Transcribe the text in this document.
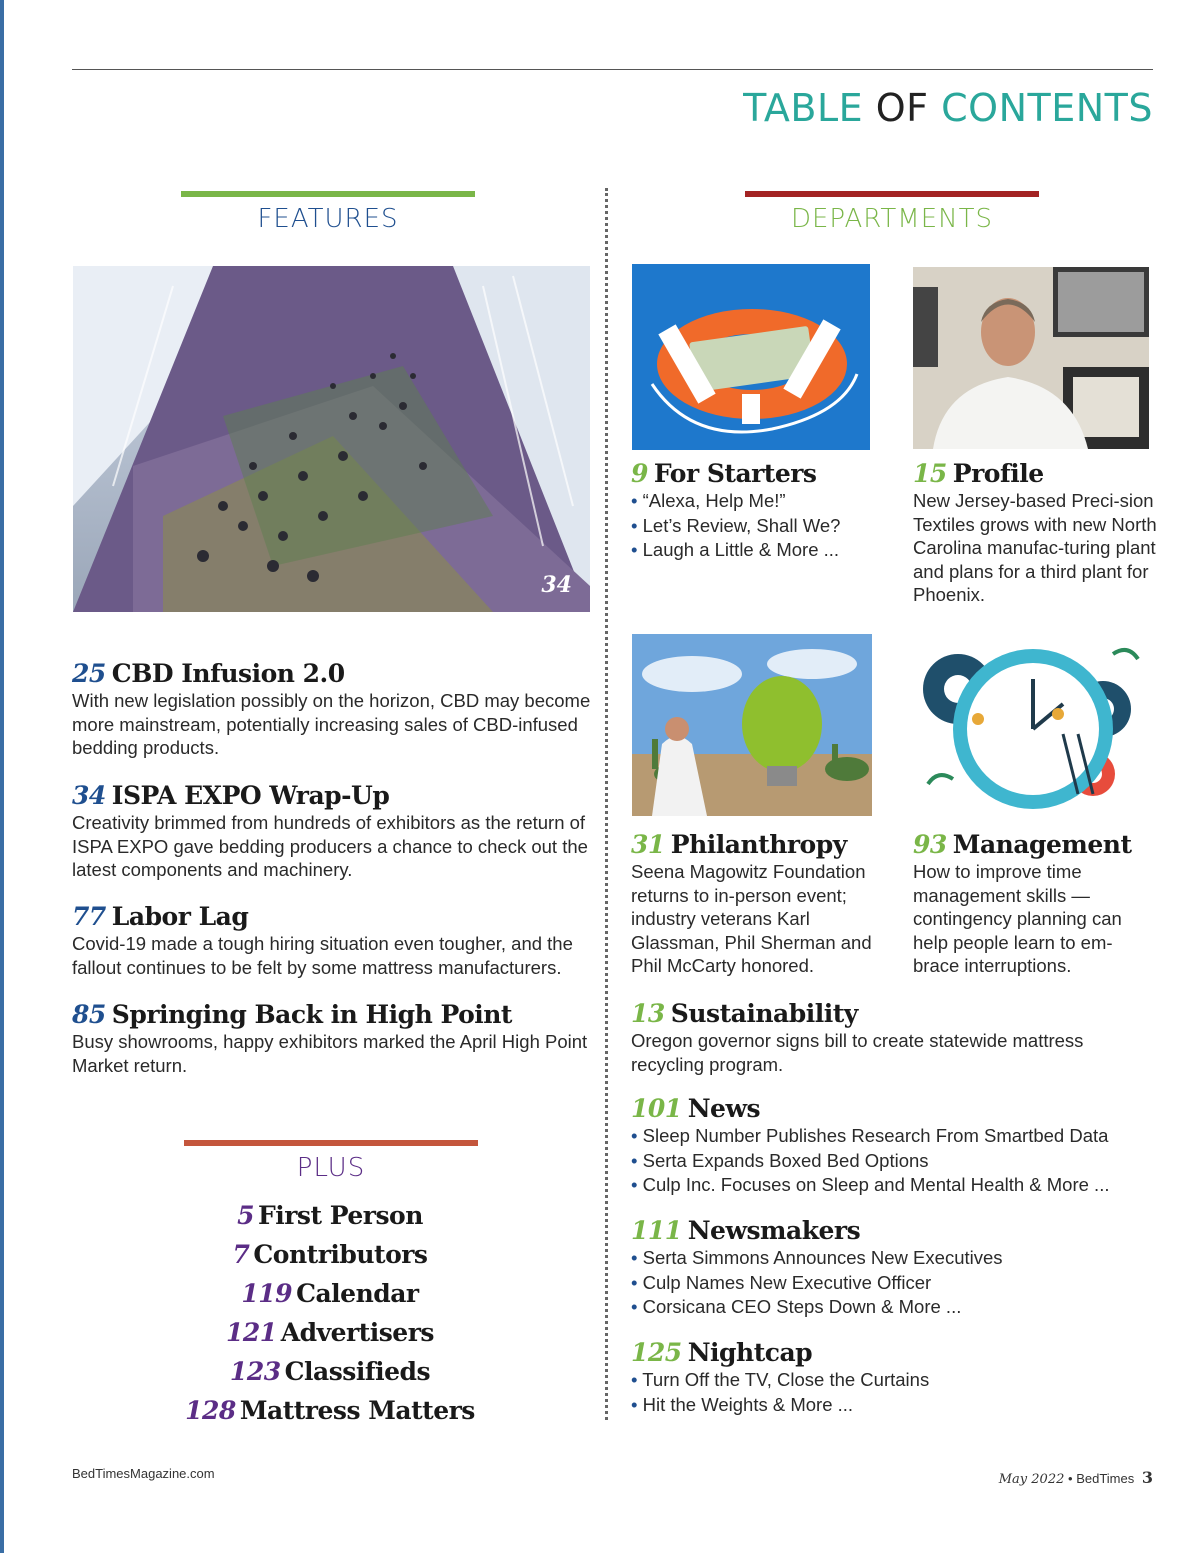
TABLE OF CONTENTS
FEATURES
34
25 CBD Infusion 2.0
With new legislation possibly on the horizon, CBD may become more mainstream, potentially increasing sales of CBD-infused bedding products.
34 ISPA EXPO Wrap-Up
Creativity brimmed from hundreds of exhibitors as the return of ISPA EXPO gave bedding producers a chance to check out the latest components and machinery.
77 Labor Lag
Covid-19 made a tough hiring situation even tougher, and the fallout continues to be felt by some mattress manufacturers.
85 Springing Back in High Point
Busy showrooms, happy exhibitors marked the April High Point Market return.
PLUS
5 First Person
7 Contributors
119 Calendar
121 Advertisers
123 Classifieds
128 Mattress Matters
DEPARTMENTS
9 For Starters
• “Alexa, Help Me!”
• Let’s Review, Shall We?
• Laugh a Little & More ...
15 Profile
New Jersey-based Preci-sion Textiles grows with new North Carolina manufac-turing plant and plans for a third plant for Phoenix.
31 Philanthropy
Seena Magowitz Foundation returns to in-person event; industry veterans Karl Glassman, Phil Sherman and Phil McCarty honored.
93 Management
How to improve time management skills — contingency planning can help people learn to em-brace interruptions.
13 Sustainability
Oregon governor signs bill to create statewide mattress recycling program.
101 News
• Sleep Number Publishes Research From Smartbed Data
• Serta Expands Boxed Bed Options
• Culp Inc. Focuses on Sleep and Mental Health & More ...
111 Newsmakers
• Serta Simmons Announces New Executives
• Culp Names New Executive Officer
• Corsicana CEO Steps Down & More ...
125 Nightcap
• Turn Off the TV, Close the Curtains
• Hit the Weights & More ...
BedTimesMagazine.com	May 2022 • BedTimes 3
